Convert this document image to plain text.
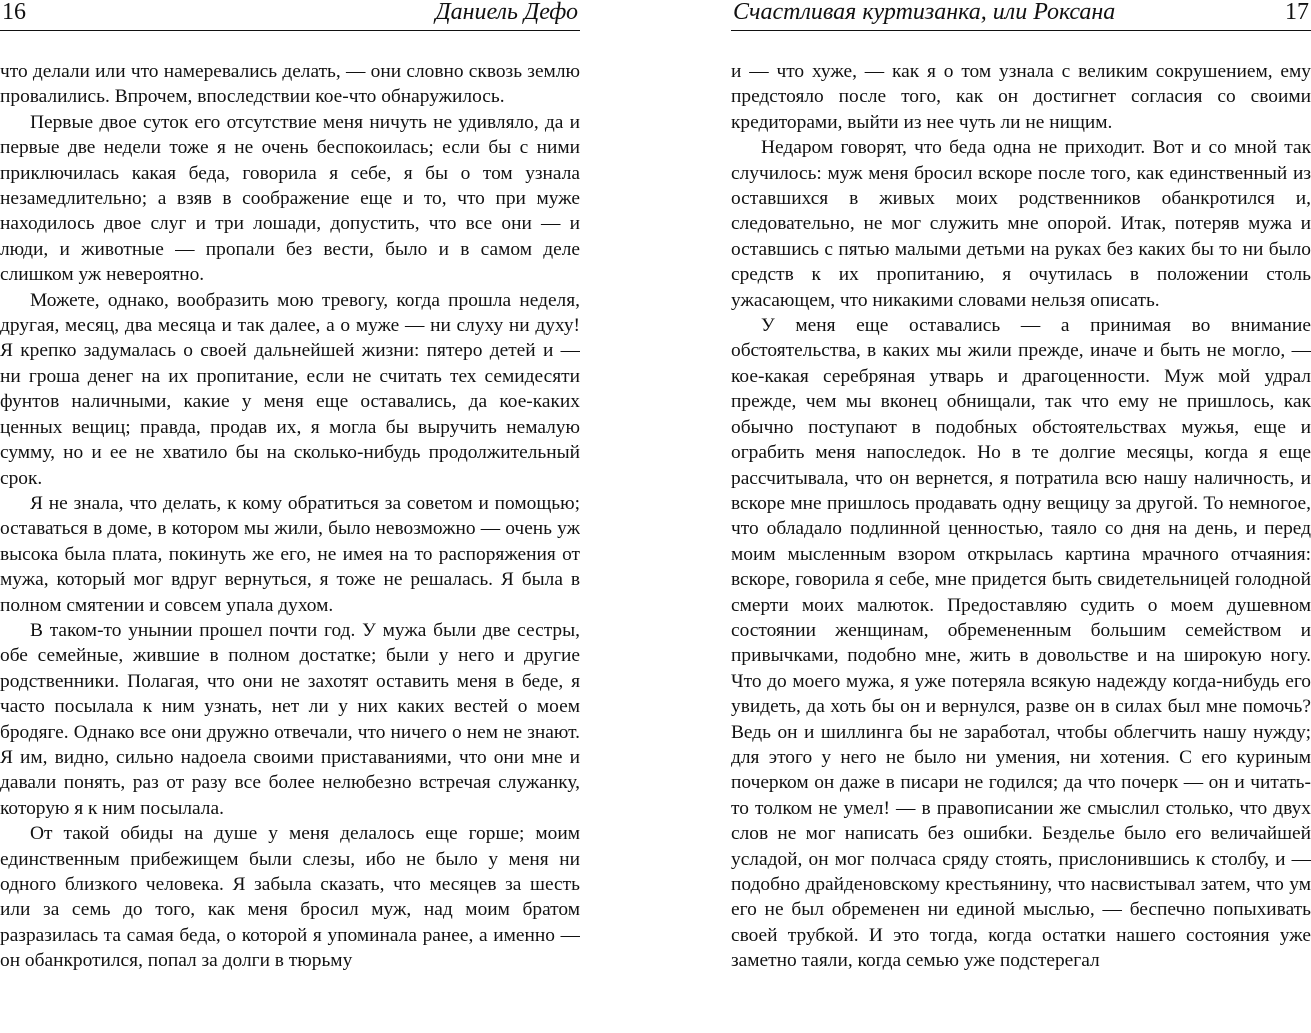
16	Даниель Дефо

что делали или что намеревались делать, — они словно сквозь землю провалились. Впрочем, впоследствии кое-что обнаружилось.

Первые двое суток его отсутствие меня ничуть не удивляло, да и первые две недели тоже я не очень беспокоилась; если бы с ними приключилась какая беда, говорила я себе, я бы о том узнала незамедлительно; а взяв в соображение еще и то, что при муже находилось двое слуг и три лошади, допустить, что все они — и люди, и животные — пропали без вести, было и в самом деле слишком уж невероятно.

Можете, однако, вообразить мою тревогу, когда прошла неделя, другая, месяц, два месяца и так далее, а о муже — ни слуху ни духу! Я крепко задумалась о своей дальнейшей жизни: пятеро детей и — ни гроша денег на их пропитание, если не считать тех семидесяти фунтов наличными, какие у меня еще оставались, да кое-каких ценных вещиц; правда, продав их, я могла бы выручить немалую сумму, но и ее не хватило бы на сколько-нибудь продолжительный срок.

Я не знала, что делать, к кому обратиться за советом и помощью; оставаться в доме, в котором мы жили, было невозможно — очень уж высока была плата, покинуть же его, не имея на то распоряжения от мужа, который мог вдруг вернуться, я тоже не решалась. Я была в полном смятении и совсем упала духом.

В таком-то унынии прошел почти год. У мужа были две сестры, обе семейные, жившие в полном достатке; были у него и другие родственники. Полагая, что они не захотят оставить меня в беде, я часто посылала к ним узнать, нет ли у них каких вестей о моем бродяге. Однако все они дружно отвечали, что ничего о нем не знают. Я им, видно, сильно надоела своими приставаниями, что они мне и давали понять, раз от разу все более нелюбезно встречая служанку, которую я к ним посылала.

От такой обиды на душе у меня делалось еще горше; моим единственным прибежищем были слезы, ибо не было у меня ни одного близкого человека. Я забыла сказать, что месяцев за шесть или за семь до того, как меня бросил муж, над моим братом разразилась та самая беда, о которой я упоминала ранее, а именно — он обанкротился, попал за долги в тюрьму

Счастливая куртизанка, или Роксана	17

и — что хуже, — как я о том узнала с великим сокрушением, ему предстояло после того, как он достигнет согласия со своими кредиторами, выйти из нее чуть ли не нищим.

Недаром говорят, что беда одна не приходит. Вот и со мной так случилось: муж меня бросил вскоре после того, как единственный из оставшихся в живых моих родственников обанкротился и, следовательно, не мог служить мне опорой. Итак, потеряв мужа и оставшись с пятью малыми детьми на руках без каких бы то ни было средств к их пропитанию, я очутилась в положении столь ужасающем, что никакими словами нельзя описать.

У меня еще оставались — а принимая во внимание обстоятельства, в каких мы жили прежде, иначе и быть не могло, — кое-какая серебряная утварь и драгоценности. Муж мой удрал прежде, чем мы вконец обнищали, так что ему не пришлось, как обычно поступают в подобных обстоятельствах мужья, еще и ограбить меня напоследок. Но в те долгие месяцы, когда я еще рассчитывала, что он вернется, я потратила всю нашу наличность, и вскоре мне пришлось продавать одну вещицу за другой. То немногое, что обладало подлинной ценностью, таяло со дня на день, и перед моим мысленным взором открылась картина мрачного отчаяния: вскоре, говорила я себе, мне придется быть свидетельницей голодной смерти моих малюток. Предоставляю судить о моем душевном состоянии женщинам, обремененным большим семейством и привычками, подобно мне, жить в довольстве и на широкую ногу. Что до моего мужа, я уже потеряла всякую надежду когда-нибудь его увидеть, да хоть бы он и вернулся, разве он в силах был мне помочь? Ведь он и шиллинга бы не заработал, чтобы облегчить нашу нужду; для этого у него не было ни умения, ни хотения. С его куриным почерком он даже в писари не годился; да что почерк — он и читать-то толком не умел! — в правописании же смыслил столько, что двух слов не мог написать без ошибки. Безделье было его величайшей усладой, он мог полчаса сряду стоять, прислонившись к столбу, и — подобно драйденовскому крестьянину, что насвистывал затем, что ум его не был обременен ни единой мыслью, — беспечно попыхивать своей трубкой. И это тогда, когда остатки нашего состояния уже заметно таяли, когда семью уже подстерегал
